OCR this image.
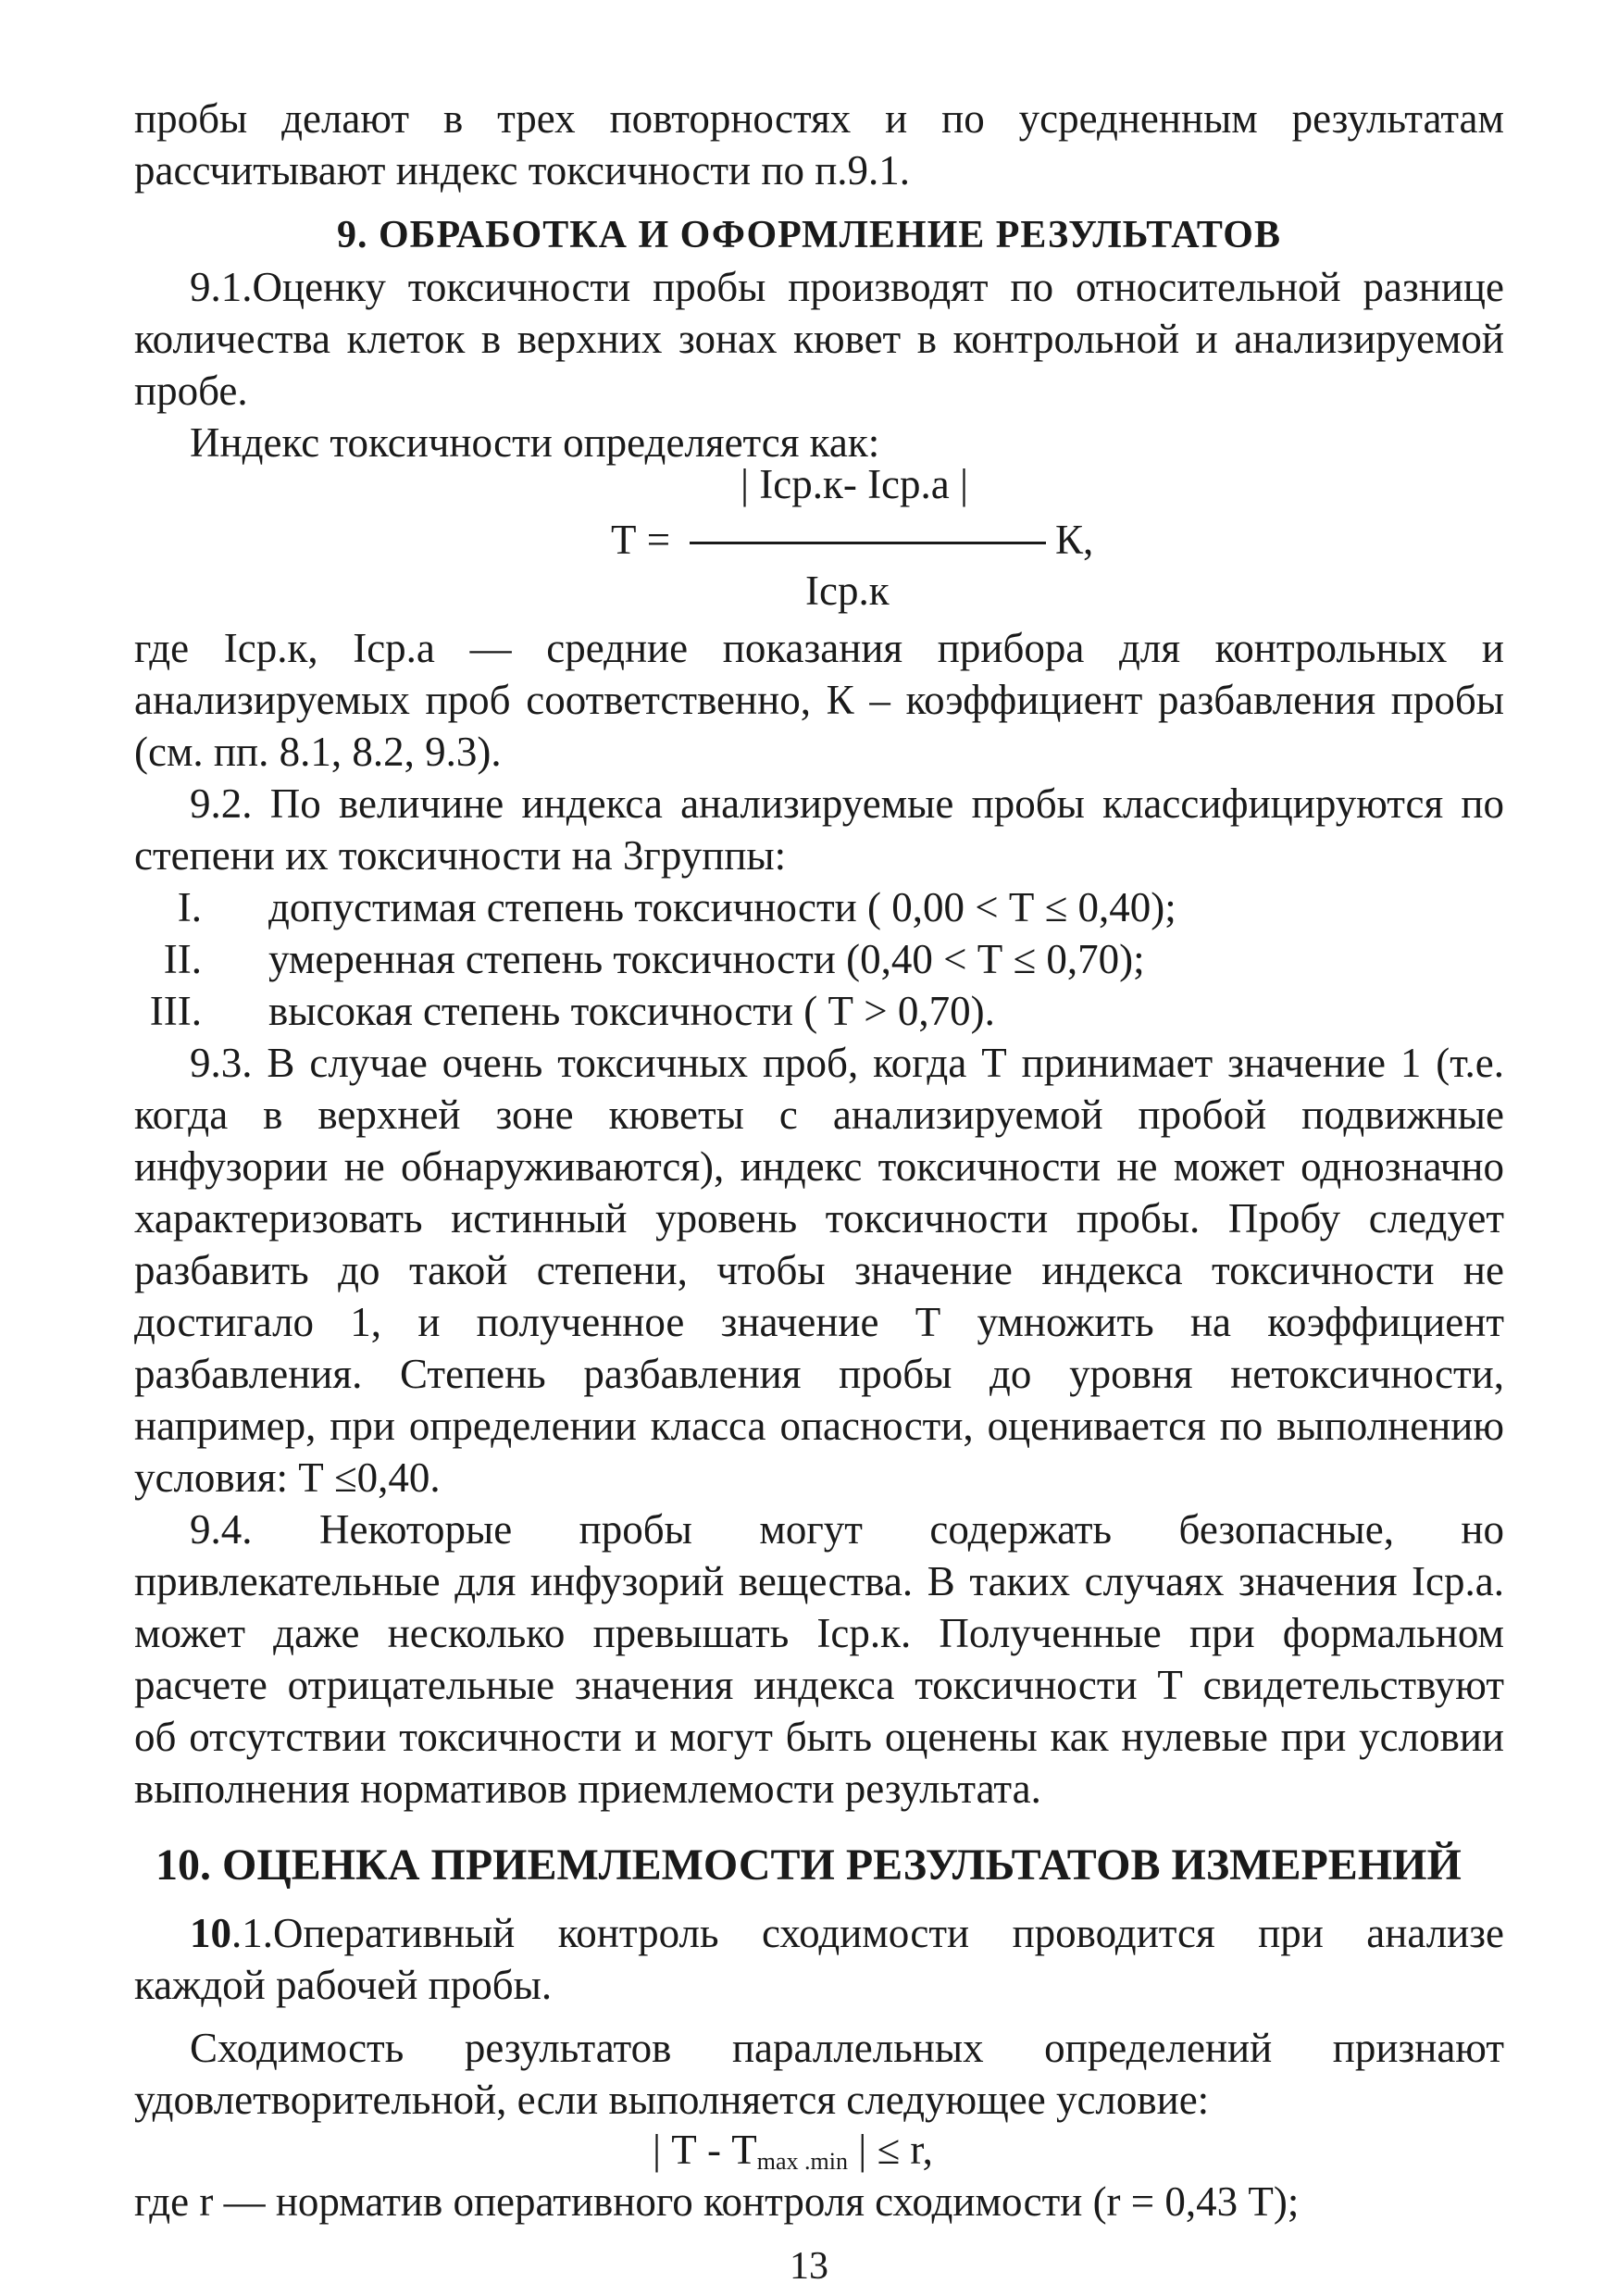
пробы делают в трех повторностях и по усредненным результатам
рассчитывают индекс токсичности по п.9.1.
9. ОБРАБОТКА И ОФОРМЛЕНИЕ РЕЗУЛЬТАТОВ
9.1.Оценку токсичности пробы производят по относительной разнице
количества клеток в верхних зонах кювет в контрольной и анализируемой
пробе.
Индекс токсичности определяется как:
| Iср.к- Iср.а |
Т =	К,
Iср.к
где Iср.к, Iср.а — средние показания прибора для контрольных и
анализируемых проб соответственно, К – коэффициент разбавления пробы
(см. пп. 8.1, 8.2, 9.3).
9.2. По величине индекса анализируемые пробы классифицируются по
степени их токсичности на 3группы:
I. допустимая степень токсичности ( 0,00 < Т ≤ 0,40);
II. умеренная степень токсичности (0,40 < Т ≤ 0,70);
III. высокая степень токсичности ( Т > 0,70).
9.3. В случае очень токсичных проб, когда Т принимает значение 1 (т.е.
когда в верхней зоне кюветы с анализируемой пробой подвижные
инфузории не обнаруживаются), индекс токсичности не может однозначно
характеризовать истинный уровень токсичности пробы. Пробу следует
разбавить до такой степени, чтобы значение индекса токсичности не
достигало 1, и полученное значение Т умножить на коэффициент
разбавления. Степень разбавления пробы до уровня нетоксичности,
например, при определении класса опасности, оценивается по выполнению
условия: Т ≤0,40.
9.4. Некоторые пробы могут содержать безопасные, но
привлекательные для инфузорий вещества. В таких случаях значения Iср.а.
может даже несколько превышать Iср.к. Полученные при формальном
расчете отрицательные значения индекса токсичности Т свидетельствуют
об отсутствии токсичности и могут быть оценены как нулевые при условии
выполнения нормативов приемлемости результата.
10. ОЦЕНКА ПРИЕМЛЕМОСТИ РЕЗУЛЬТАТОВ ИЗМЕРЕНИЙ
10.1.Оперативный контроль сходимости проводится при анализе
каждой рабочей пробы.
Сходимость результатов параллельных определений признают
удовлетворительной, если выполняется следующее условие:
| Т - $Т_{max .min}$ | ≤ r,
где r — норматив оперативного контроля сходимости (r = 0,43 Т);
13
